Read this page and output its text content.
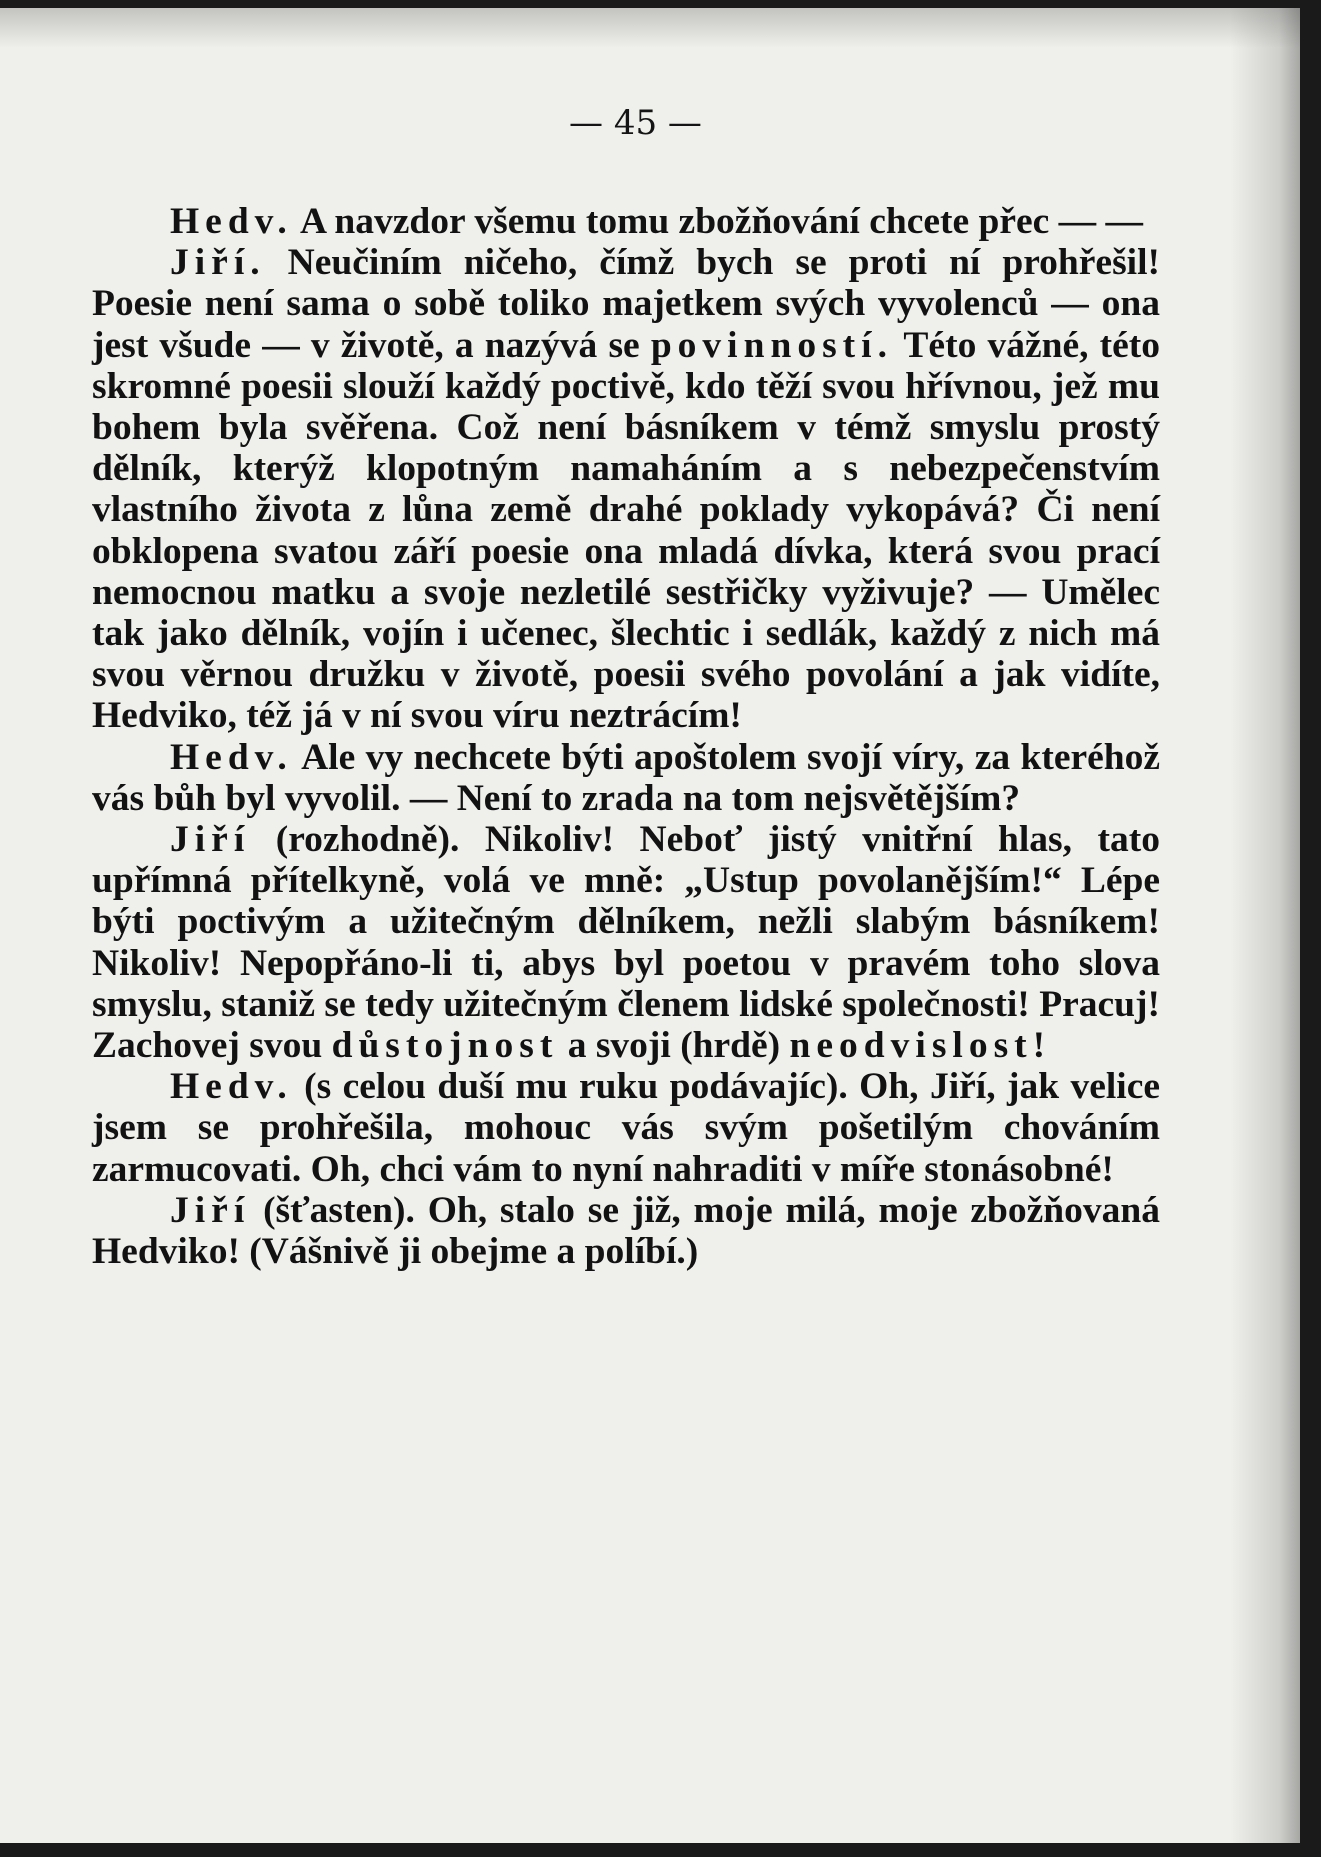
— 45 —

Hedv. A navzdor všemu tomu zbožňování chcete přec — —

Jiří. Neučiním ničeho, čímž bych se proti ní prohřešil! Poesie není sama o sobě toliko majetkem svých vyvolenců — ona jest všude — v životě, a nazývá se povinností. Této vážné, této skromné poesii slouží každý poctivě, kdo těží svou hřívnou, jež mu bohem byla svěřena. Což není básníkem v témž smyslu prostý dělník, kterýž klopotným namaháním a s nebezpečenstvím vlastního života z lůna země drahé poklady vykopává? Či není obklopena svatou září poesie ona mladá dívka, která svou prací nemocnou matku a svoje nezletilé sestřičky vyživuje? — Umělec tak jako dělník, vojín i učenec, šlechtic i sedlák, každý z nich má svou věrnou družku v životě, poesii svého povolání a jak vidíte, Hedviko, též já v ní svou víru neztrácím!

Hedv. Ale vy nechcete býti apoštolem svojí víry, za kteréhož vás bůh byl vyvolil. — Není to zrada na tom nejsvětějším?

Jiří (rozhodně). Nikoliv! Neboť jistý vnitřní hlas, tato upřímná přítelkyně, volá ve mně: „Ustup povolanějším!“ Lépe býti poctivým a užitečným dělníkem, nežli slabým básníkem! Nikoliv! Nepopřáno-li ti, abys byl poetou v pravém toho slova smyslu, staniž se tedy užitečným členem lidské společnosti! Pracuj! Zachovej svou důstojnost a svoji (hrdě) neodvislost!

Hedv. (s celou duší mu ruku podávajíc). Oh, Jiří, jak velice jsem se prohřešila, mohouc vás svým pošetilým chováním zarmucovati. Oh, chci vám to nyní nahraditi v míře stonásobné!

Jiří (šťasten). Oh, stalo se již, moje milá, moje zbožňovaná Hedviko! (Vášnivě ji obejme a políbí.)
